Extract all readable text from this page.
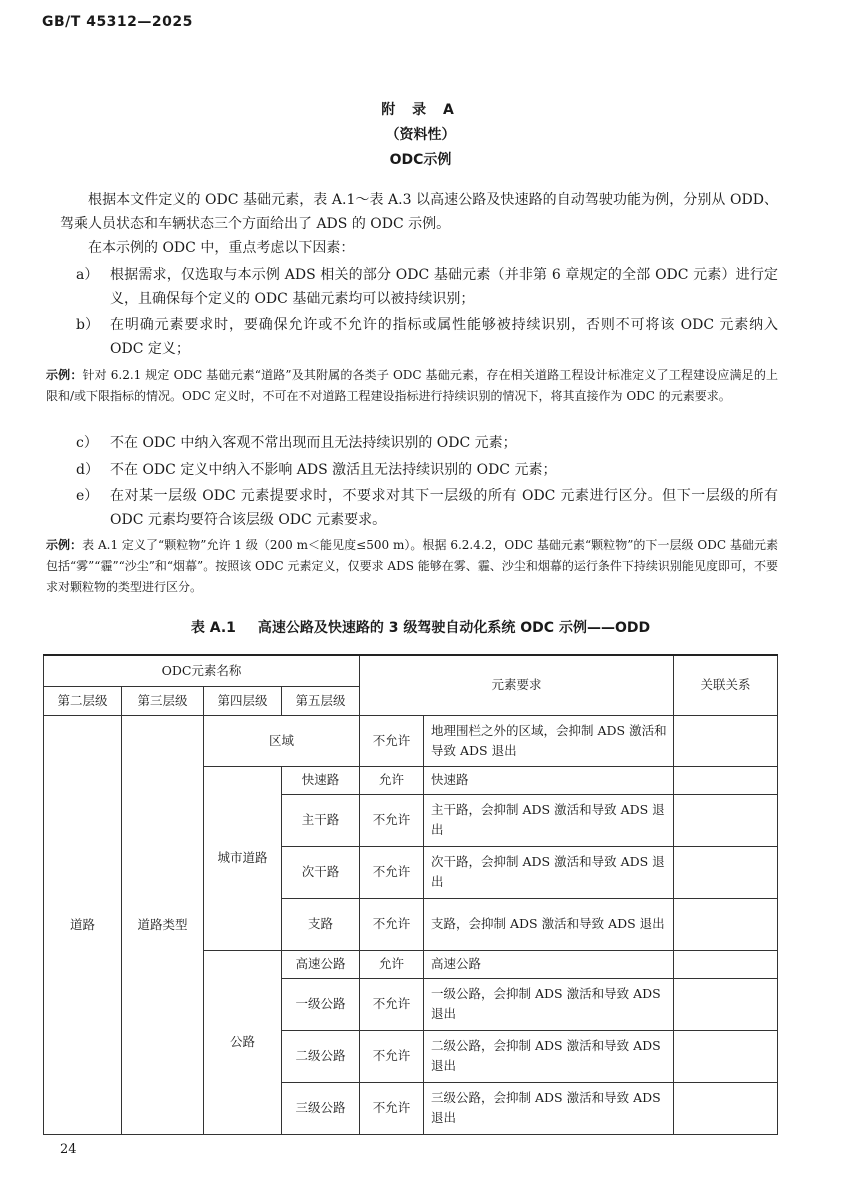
GB/T 45312—2025
附 录 A
（资料性）
ODC示例
根据本文件定义的 ODC 基础元素，表 A.1～表 A.3 以高速公路及快速路的自动驾驶功能为例，分别从 ODD、驾乘人员状态和车辆状态三个方面给出了 ADS 的 ODC 示例。
在本示例的 ODC 中，重点考虑以下因素：
a） 根据需求，仅选取与本示例 ADS 相关的部分 ODC 基础元素（并非第 6 章规定的全部 ODC 元素）进行定义，且确保每个定义的 ODC 基础元素均可以被持续识别；
b） 在明确元素要求时，要确保允许或不允许的指标或属性能够被持续识别，否则不可将该 ODC 元素纳入 ODC 定义；
示例：针对 6.2.1 规定 ODC 基础元素“道路”及其附属的各类子 ODC 基础元素，存在相关道路工程设计标准定义了工程建设应满足的上限和/或下限指标的情况。ODC 定义时，不可在不对道路工程建设指标进行持续识别的情况下，将其直接作为 ODC 的元素要求。
c） 不在 ODC 中纳入客观不常出现而且无法持续识别的 ODC 元素；
d） 不在 ODC 定义中纳入不影响 ADS 激活且无法持续识别的 ODC 元素；
e） 在对某一层级 ODC 元素提要求时，不要求对其下一层级的所有 ODC 元素进行区分。但下一层级的所有 ODC 元素均要符合该层级 ODC 元素要求。
示例：表 A.1 定义了“颗粒物”允许 1 级（200 m＜能见度≤500 m）。根据 6.2.4.2，ODC 基础元素“颗粒物”的下一层级 ODC 基础元素包括“雾”“霾”“沙尘”和“烟幕”。按照该 ODC 元素定义，仅要求 ADS 能够在雾、霾、沙尘和烟幕的运行条件下持续识别能见度即可，不要求对颗粒物的类型进行区分。
表 A.1 高速公路及快速路的 3 级驾驶自动化系统 ODC 示例——ODD
ODC元素名称				元素要求		关联关系
第二层级	第三层级	第四层级	第五层级			
道路	道路类型	区域		不允许	地理围栏之外的区域，会抑制 ADS 激活和导致 ADS 退出	
		城市道路	快速路	允许	快速路	
			主干路	不允许	主干路，会抑制 ADS 激活和导致 ADS 退出	
			次干路	不允许	次干路，会抑制 ADS 激活和导致 ADS 退出	
			支路	不允许	支路，会抑制 ADS 激活和导致 ADS 退出	
		公路	高速公路	允许	高速公路	
			一级公路	不允许	一级公路，会抑制 ADS 激活和导致 ADS 退出	
			二级公路	不允许	二级公路，会抑制 ADS 激活和导致 ADS 退出	
			三级公路	不允许	三级公路，会抑制 ADS 激活和导致 ADS 退出	
24
